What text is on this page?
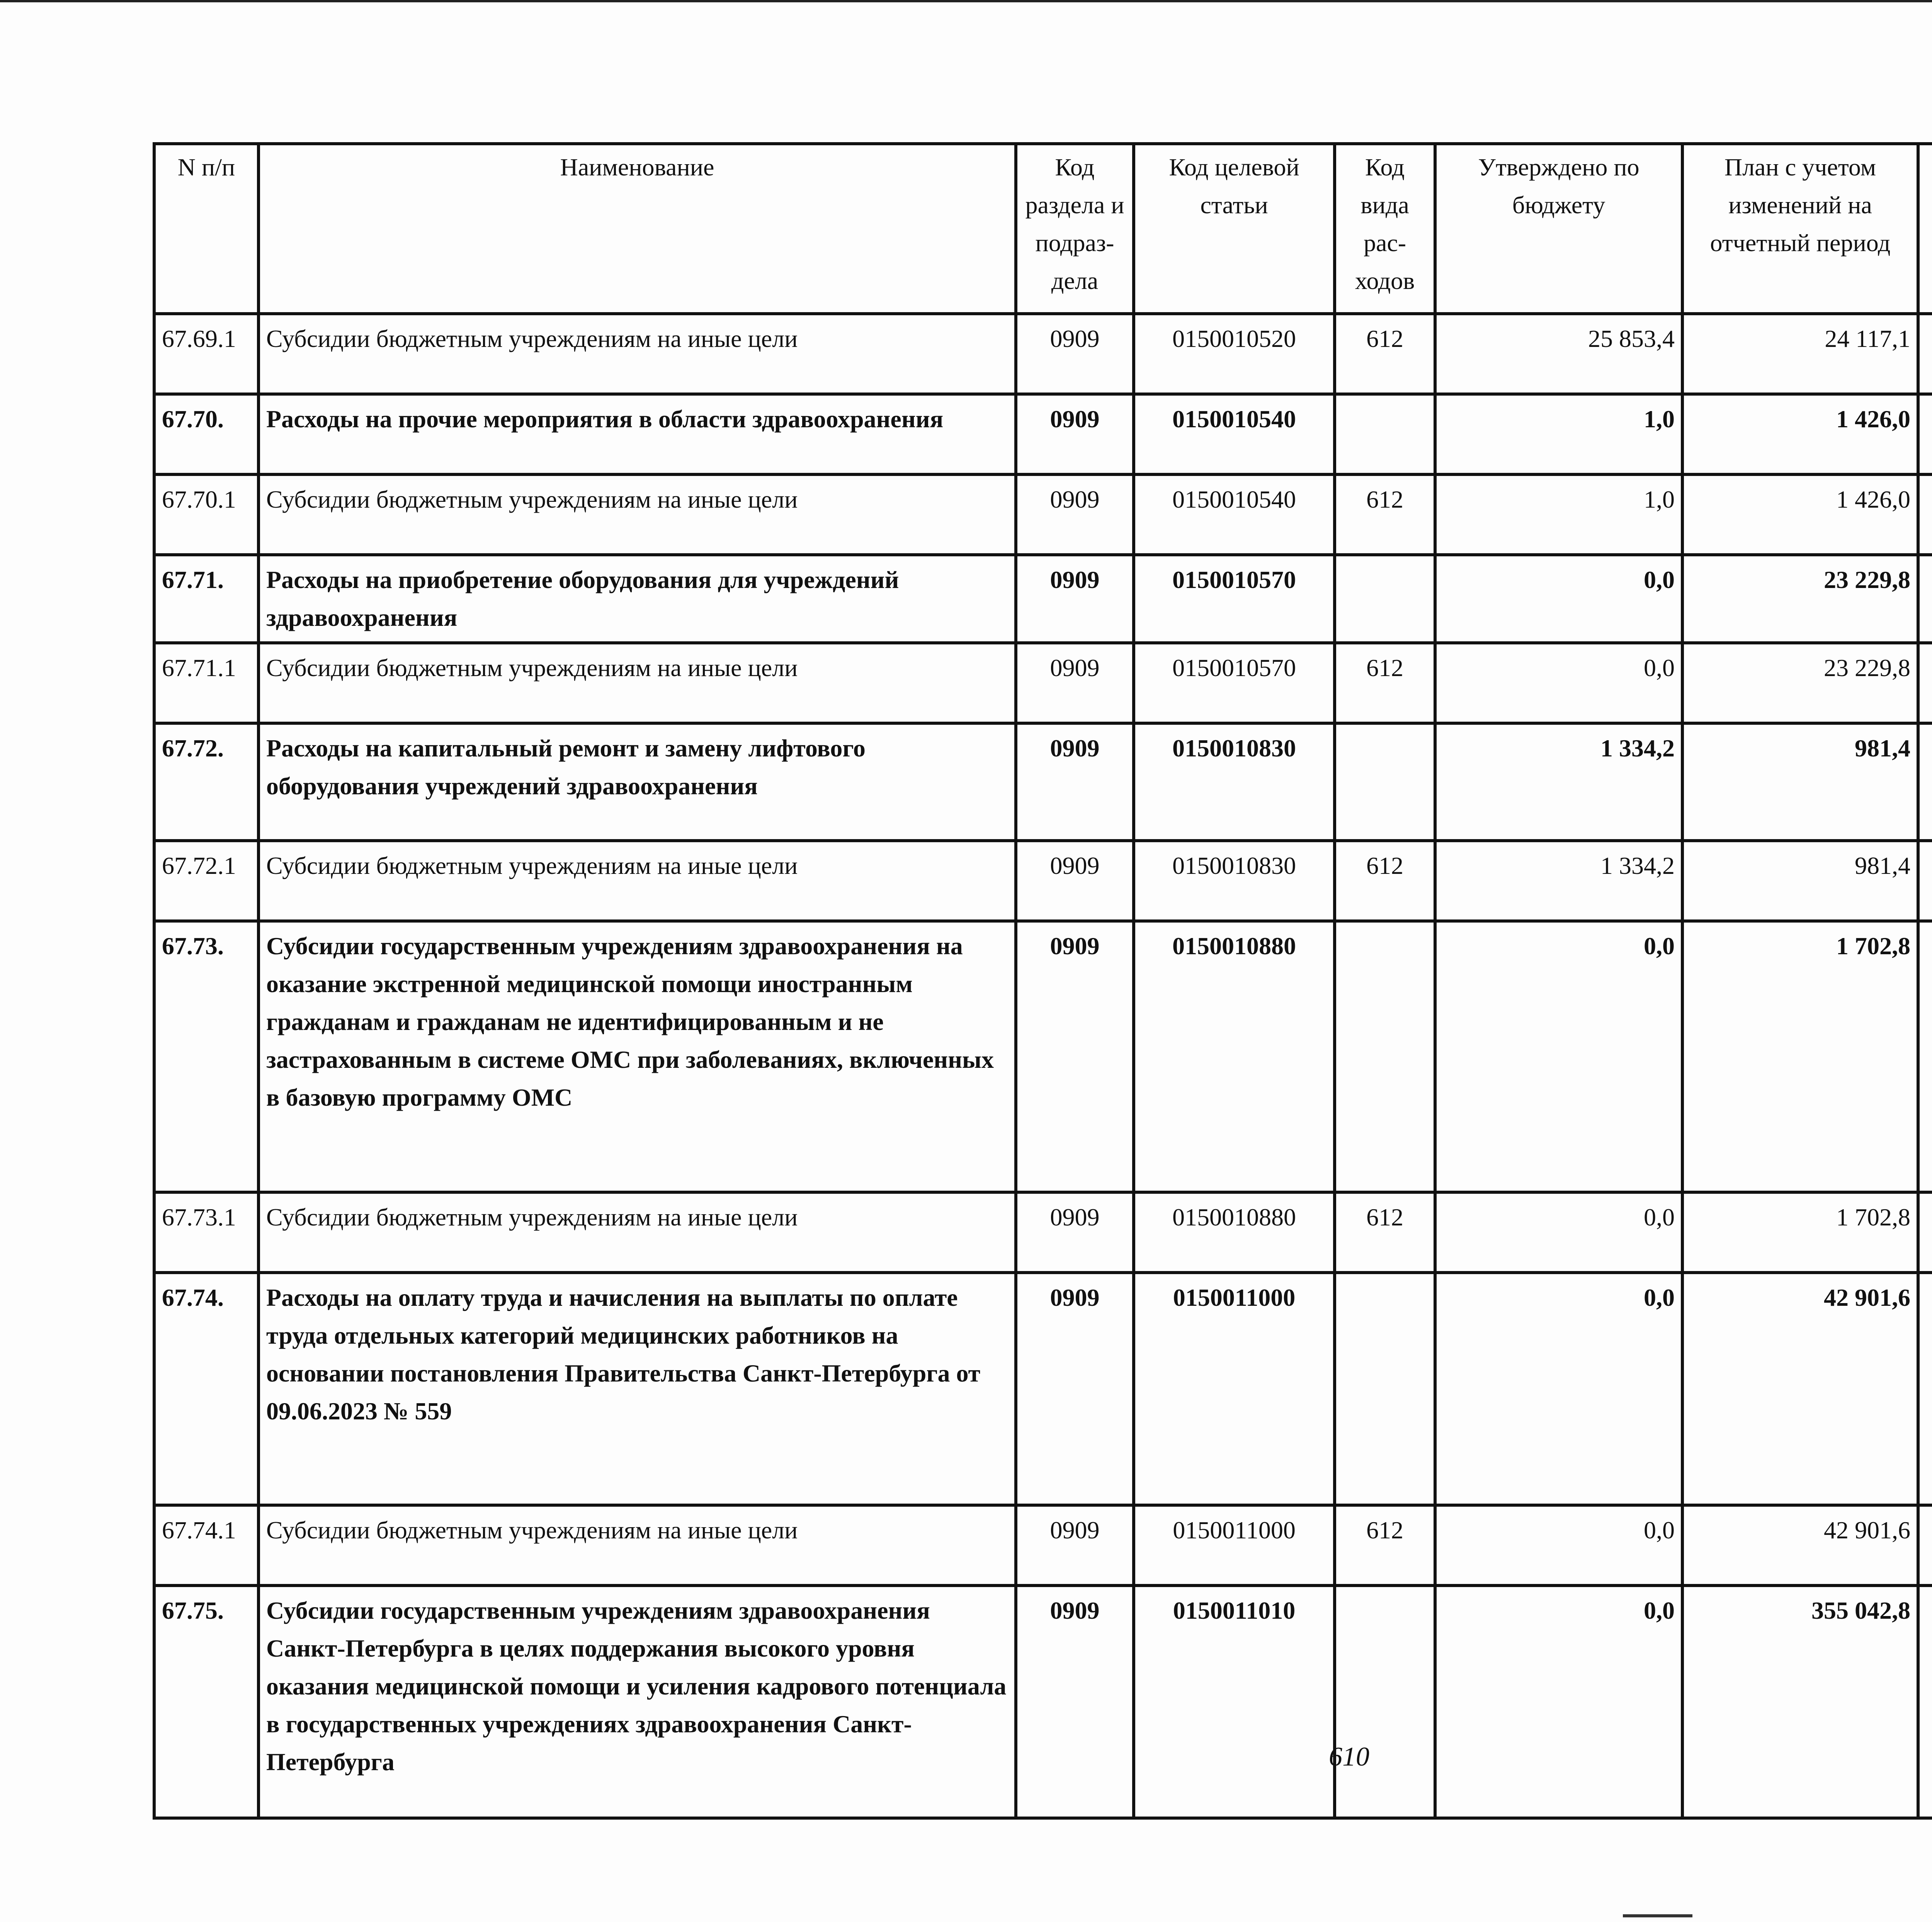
N п/п	Наименование	Код раздела и подраз-дела	Код целевой статьи	Код вида рас-ходов	Утверждено по бюджету	План с учетом изменений на отчетный период		

67.69.1	Субсидии бюджетным учреждениям на иные цели	0909	0150010520	612	25 853,4	24 117,1			
67.70.	Расходы на прочие мероприятия в области здравоохранения	0909	0150010540		1,0	1 426,0			
67.70.1	Субсидии бюджетным учреждениям на иные цели	0909	0150010540	612	1,0	1 426,0			
67.71.	Расходы на приобретение оборудования для учреждений здравоохранения	0909	0150010570		0,0	23 229,8			
67.71.1	Субсидии бюджетным учреждениям на иные цели	0909	0150010570	612	0,0	23 229,8			
67.72.	Расходы на капитальный ремонт и замену лифтового оборудования учреждений здравоохранения	0909	0150010830		1 334,2	981,4			
67.72.1	Субсидии бюджетным учреждениям на иные цели	0909	0150010830	612	1 334,2	981,4			
67.73.	Субсидии государственным учреждениям здравоохранения на оказание экстренной медицинской помощи иностранным гражданам и гражданам не идентифицированным и не застрахованным в системе ОМС при заболеваниях, включенных в базовую программу ОМС	0909	0150010880		0,0	1 702,8			
67.73.1	Субсидии бюджетным учреждениям на иные цели	0909	0150010880	612	0,0	1 702,8			
67.74.	Расходы на оплату труда и начисления на выплаты по оплате труда отдельных категорий медицинских работников на основании постановления Правительства Санкт-Петербурга от 09.06.2023 № 559	0909	0150011000		0,0	42 901,6			
67.74.1	Субсидии бюджетным учреждениям на иные цели	0909	0150011000	612	0,0	42 901,6			
67.75.	Субсидии государственным учреждениям здравоохранения Санкт-Петербурга в целях поддержания высокого уровня оказания медицинской помощи и усиления кадрового потенциала в государственных учреждениях здравоохранения Санкт-Петербурга	0909	0150011010		0,0	355 042,8			
610
